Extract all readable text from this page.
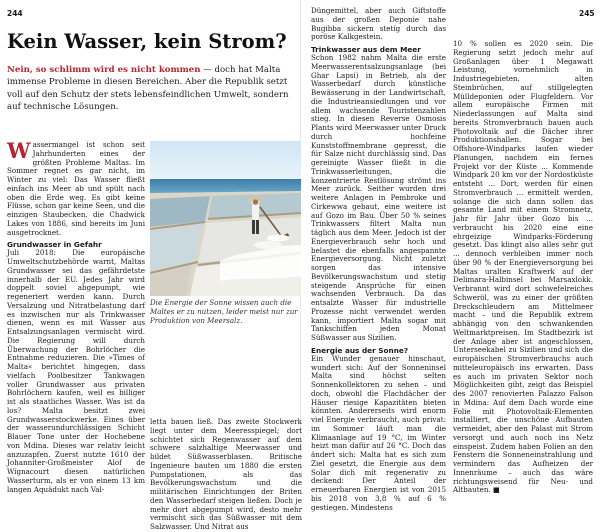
244	245
Kein Wasser, kein Strom?
Nein, so schlimm wird es nicht kommen — doch hat Malta immense Probleme in diesen Bereichen. Aber die Republik setzt voll auf den Schutz der stets lebensfeindlichen Umwelt, sondern auf technische Lösungen.

Wassermangel ist schon seit Jahrhunderten eines der größten Probleme Maltas. Im Sommer regnet es gar nicht, im Winter zu viel: Das Wasser fließt einfach ins Meer ab und spült nach oben die Erde weg. Es gibt keine Flüsse, schon gar keine Seen, und die einzigen Staubecken, die Chadwick Lakes von 1886, sind bereits im Juni ausgetrocknet.

Grundwasser in Gefahr

Juli 2018: Die europäische Umweltschutzbehörde warnt, Maltas Grundwasser sei das gefährdetste innerhalb der EU. Jedes Jahr wird doppelt soviel abgepumpt, wie regeneriert werden kann. Durch Versalzung und Nitratbelastung darf es inzwischen nur als Trinkwasser dienen, wenn es mit Wasser aus Entsalzungsanlagen vermischt wird. Die Regierung will durch Überwachung der Bohrlöcher die Entnahme reduzieren. Die »Times of Malta« berichtet hingegen, dass vielfach Poolbesitzer Tankwagen voller Grundwasser aus privaten Bohrlöchern kaufen, weil es billiger ist als staatliches Wasser. Was ist da los? Malta besitzt zwei Grundwasserstockwerke. Eines über der wasserundurchlässigen Schicht Blauer Tone unter der Hochebene von Mdina. Dieses war relativ leicht anzuzapfen. Zuerst nutzte 1610 der Johanniter-Großmeister Alof de Wignacourt diesen natürlichen Wasserturm, als er von einem 13 km langen Aquädukt nach Val-

Die Energie der Sonne wissen auch die Maltes er zu nutzen, leider meist nur zur Produktion von Meersalz.

letta bauen ließ. Das zweite Stockwerk liegt unter dem Meeresspiegel; dort schichtet sich Regenwasser auf dem schwere salzhaltige Meerwasser und bildet Süßwasserblasen. Britische Ingenieure bauten um 1880 die ersten Pumpstationen, als das Bevölkerungswachstum und die militärischen Einrichtungen der Briten den Wasserbedarf steigen ließen. Doch je mehr dort abgepumpt wird, desto mehr vermischt sich das Süßwasser mit dem Salzwasser. Und Nitrat aus

Düngemittel, aber auch Giftstoffe aus der großen Deponie nahe Bugibba sickern stetig durch das poröse Kalkgestein.

Trinkwasser aus dem Meer

Schon 1982 nahm Malta die erste Meerwasserentsalzungsanlage (bei Ghar Lapsi) in Betrieb, als der Wasserbedarf durch künstliche Bewässerung in der Landwirtschaft, die Industrieansiedlungen und vor allem wachsende Touristenzahlen stieg. In diesen Reverse Osmosis Plants wird Meerwasser unter Druck durch hochfeine Kunststoffmembrane gepresst, die für Salze nicht durchlässig sind. Das gereinigte Wasser fließt in die Trinkwasserleitungen, die konzentrierte Restlösung strömt ins Meer zurück. Seither wurden drei weitere Anlagen in Pembroke und Cirkewwa gebaut, eine weitere ist auf Gozo im Bau. Über 50 % seines Trinkwassers filtert Malta nun täglich aus dem Meer. Jedoch ist der Energieverbrauch sehr hoch und belastet die ebenfalls angespannte Energieversorgung. Nicht zuletzt sorgen das intensive Bevölkerungswachstum und stetig steigende Ansprüche für einen wachsenden Verbrauch. Da das entsalzte Wasser für industrielle Prozesse nicht verwendet werden kann, importiert Malta sogar mit Tankschiffen jeden Monat Süßwasser aus Sizilien.

Energie aus der Sonne?

Ein Wunder genauer hinschaut, wundert sich: Auf der Sonneninsel Malta sind höchst selten Sonnenkollektoren zu sehen – und doch, obwohl die Flachdächer der Häuser riesige Kapazitäten bieten könnten. Andererseits wird enorm viel Energie verbraucht, auch privat: im Sommer läuft man die Klimaanlage auf 19 °C, im Winter heizt man dafür auf 26 °C. Doch das ändert sich: Malta hat es sich zum Ziel gesetzt, die Energie aus dem Solar dich mit regenerativ zu deckend: Der Anteil der erneuerbaren Energien ist von 2015 bis 2018 von 3,8 % auf 6 % gestiegen. Mindestens

10 % sollen es 2020 sein. Die Regierung setzt jedoch mehr auf Großanlagen über 1 Megawatt Leistung, vornehmlich in Industriegebieten, alten Steinbrüchen, auf stillgelegten Mülldeponien oder Flugfeldern. Vor allem europäische Firmen mit Niederlassungen auf Malta sind bereits Stromverbrauch bauen auch Photovoltaik auf die Dächer ihrer Produktionshallen. Sogar bei Offshore-Windparks laufen wieder Planungen, nachdem ein fernes Projekt vor der Küste ... Kommende Windpark 20 km vor der Nordostküste entsteht ... Dort, werden für einen Stromverbrauch ... ermittelt werden, solange die sich dann sollen das gesamte Land mit einem Stromnetz, Jahr für Jahr über Gozo bis ... verbraucht bis 2020 eine eine ehrgeizige Windparks-Förderung gesetzt. Das klingt also alles sehr gut ... dennoch verbleiben immer noch über 90 % der Energieversorgung bei Maltas uralten Kraftwerk auf der Delimara-Halbinsel bei Marsaxlokk. Verbrannt wird dort schwefelreiches Schweröl, was zu einer der größten Dreckschleudern am Mittelmeer macht – und die Republik extrem abhängig von den schwankenden Weltmarktpreisen. Im Stadtbezirk ist der Anlage aber ist angeschlossen, Unterseekabel zu Sizilien und sich die europäischen Stromverbrauchs auch mitteleuropäisch ins erwarten. Dass es auch im privaten Sektor noch Möglichkeiten gibt, zeigt das Beispiel des 2007 renovierten Palazzo Falson in Mdina: Auf dem Dach wurde eine Folie mit Photovoltaik-Elementen installiert, die unschöne Aufbauten vermeidet, aber den Palast mit Strom versorgt und auch noch ins Netz einspeist. Zudem haben Folien an den Fenstern die Sonneneinstrahlung und vermindern das Aufheizen der Innenräume – auch das wäre richtungsweisend für Neu- und Altbauten. ■
